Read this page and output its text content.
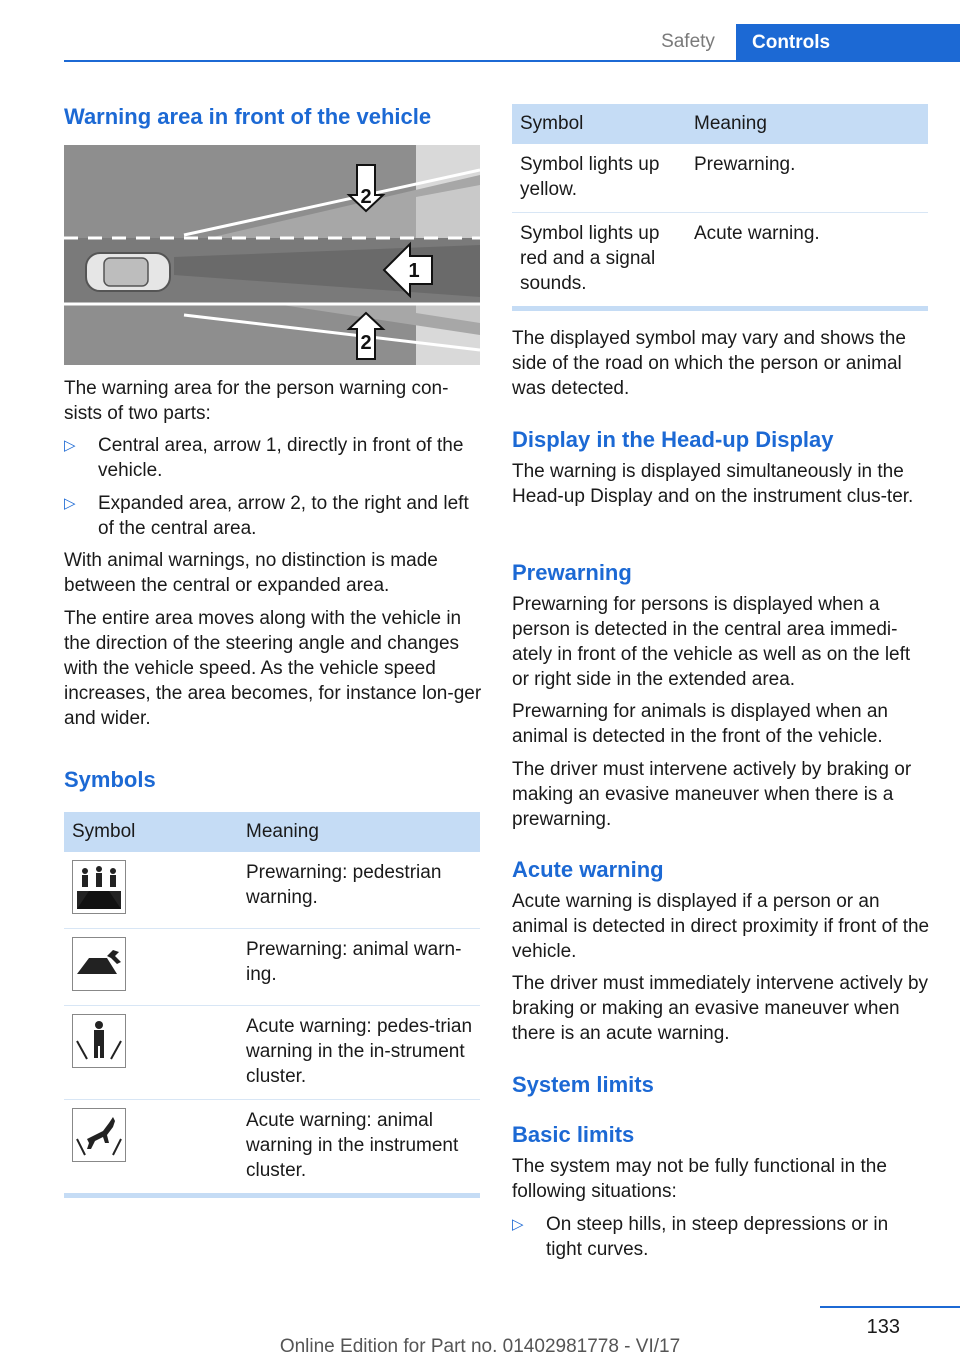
Safety	Controls
Warning area in front of the vehicle
2
1
2

The warning area for the person warning con-sists of two parts:

▷	Central area, arrow 1, directly in front of the vehicle.
▷	Expanded area, arrow 2, to the right and left of the central area.

With animal warnings, no distinction is made between the central or expanded area.

The entire area moves along with the vehicle in the direction of the steering angle and changes with the vehicle speed. As the vehicle speed increases, the area becomes, for instance lon-ger and wider.

Symbols
Symbol	Meaning

	Prewarning: pedestrian warning.

	Prewarning: animal warn-ing.

	Acute warning: pedes-trian warning in the in-strument cluster.

	Acute warning: animal warning in the instrument cluster.
Symbol	Meaning
Symbol lights up yellow.	Prewarning.
Symbol lights up red and a signal sounds.	Acute warning.

The displayed symbol may vary and shows the side of the road on which the person or animal was detected.

Display in the Head-up Display

The warning is displayed simultaneously in the Head-up Display and on the instrument clus-ter.

Prewarning

Prewarning for persons is displayed when a person is detected in the central area immedi-ately in front of the vehicle as well as on the left or right side in the extended area.

Prewarning for animals is displayed when an animal is detected in the front of the vehicle.

The driver must intervene actively by braking or making an evasive maneuver when there is a prewarning.

Acute warning

Acute warning is displayed if a person or an animal is detected in direct proximity if front of the vehicle.

The driver must immediately intervene actively by braking or making an evasive maneuver when there is an acute warning.

System limits
Basic limits

The system may not be fully functional in the following situations:

▷	On steep hills, in steep depressions or in tight curves.
133
Online Edition for Part no. 01402981778 - VI/17
